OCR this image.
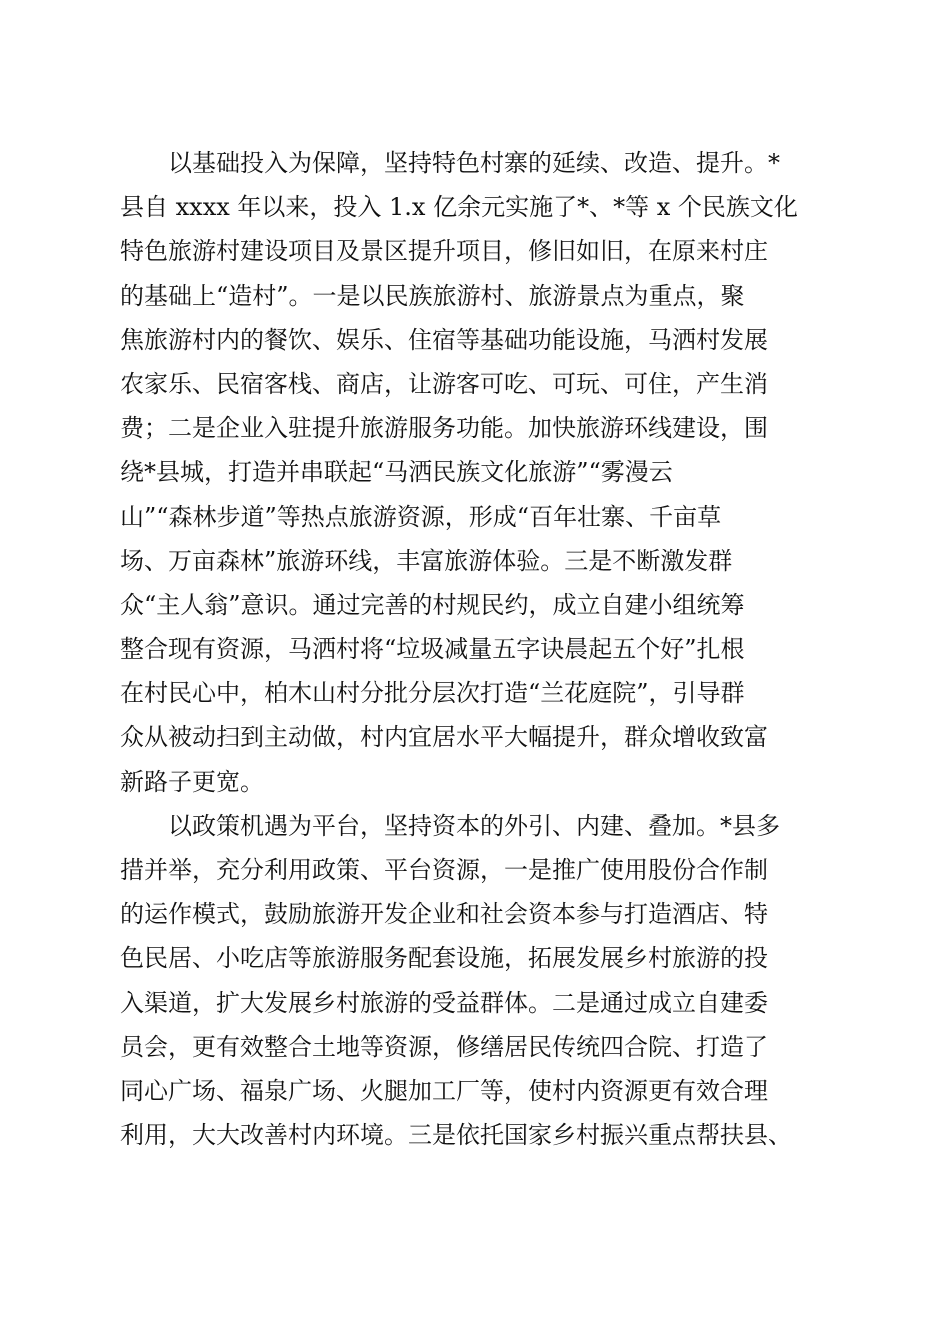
以基础投入为保障，坚持特色村寨的延续、改造、提升。*
县自 xxxx 年以来，投入 1.x 亿余元实施了*、*等 x 个民族文化
特色旅游村建设项目及景区提升项目，修旧如旧，在原来村庄
的基础上“造村”。一是以民族旅游村、旅游景点为重点，聚
焦旅游村内的餐饮、娱乐、住宿等基础功能设施，马洒村发展
农家乐、民宿客栈、商店，让游客可吃、可玩、可住，产生消
费；二是企业入驻提升旅游服务功能。加快旅游环线建设，围
绕*县城，打造并串联起“马洒民族文化旅游”“雾漫云
山”“森林步道”等热点旅游资源，形成“百年壮寨、千亩草
场、万亩森林”旅游环线，丰富旅游体验。三是不断激发群
众“主人翁”意识。通过完善的村规民约，成立自建小组统筹
整合现有资源，马洒村将“垃圾减量五字诀晨起五个好”扎根
在村民心中，柏木山村分批分层次打造“兰花庭院”，引导群
众从被动扫到主动做，村内宜居水平大幅提升，群众增收致富
新路子更宽。
以政策机遇为平台，坚持资本的外引、内建、叠加。*县多
措并举，充分利用政策、平台资源，一是推广使用股份合作制
的运作模式，鼓励旅游开发企业和社会资本参与打造酒店、特
色民居、小吃店等旅游服务配套设施，拓展发展乡村旅游的投
入渠道，扩大发展乡村旅游的受益群体。二是通过成立自建委
员会，更有效整合土地等资源，修缮居民传统四合院、打造了
同心广场、福泉广场、火腿加工厂等，使村内资源更有效合理
利用，大大改善村内环境。三是依托国家乡村振兴重点帮扶县、
